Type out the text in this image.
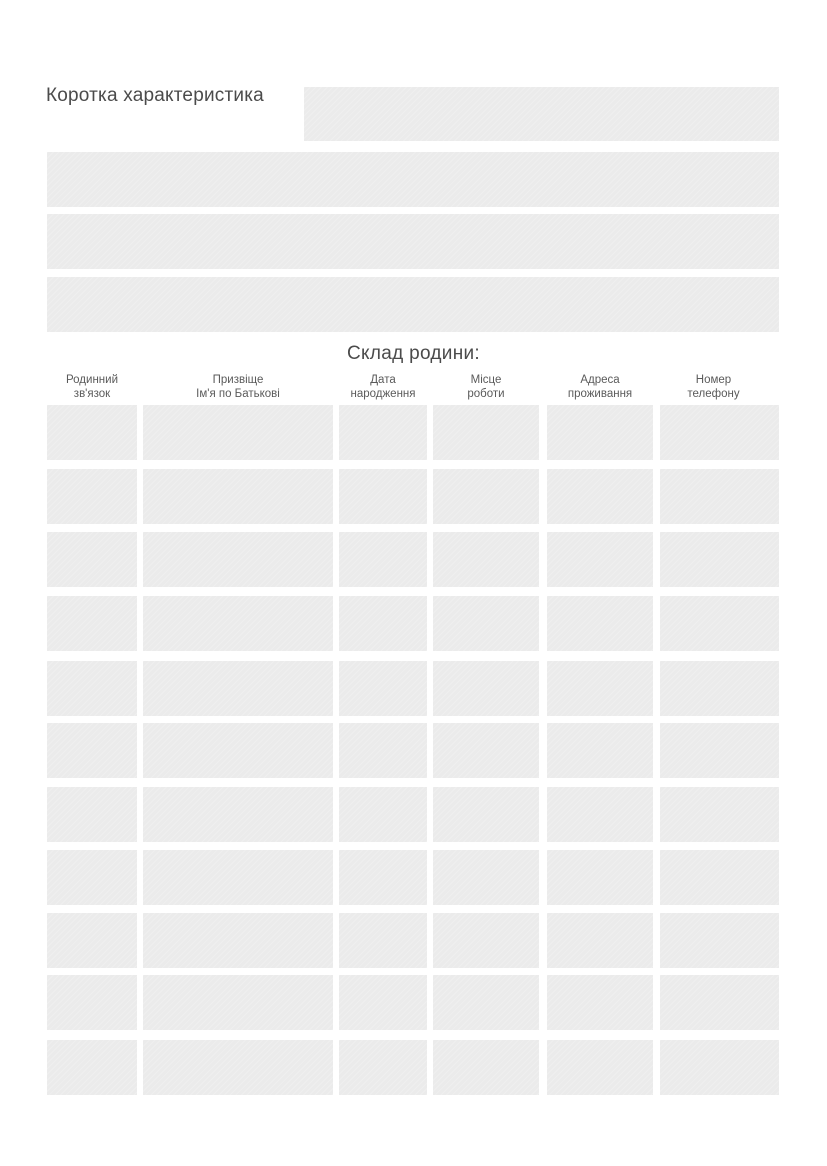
Коротка характеристика
Склад родини:
Родинний
зв'язок
Призвіще
Ім'я по Батькові
Дата
народження
Місце
роботи
Адреса
проживання
Номер
телефону
